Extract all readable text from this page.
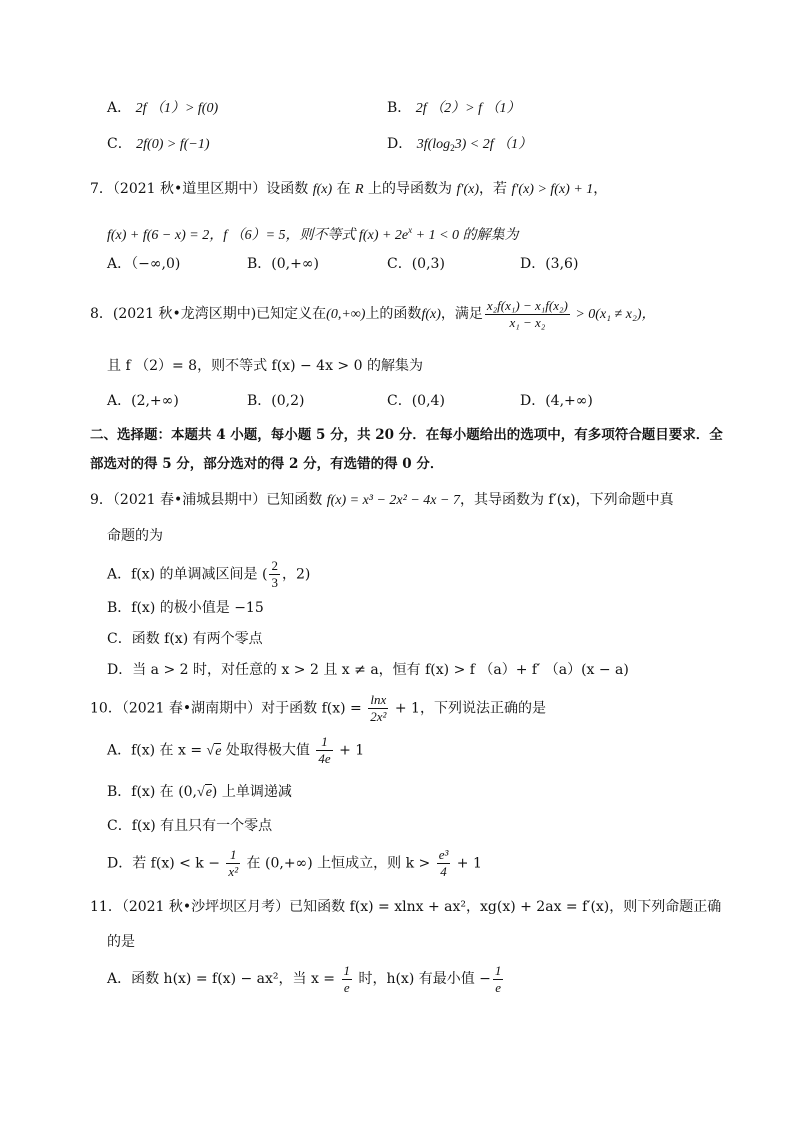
A． 2f （1）> f(0)	B． 2f （2）> f （1）
C． 2f(0) > f(−1)	D． $3f(\log_23) < 2f$ （1）
7．（2021 秋•道里区期中）设函数 f(x) 在 R 上的导函数为 f′(x)，若 f′(x) > f(x) + 1，
f(x) + f(6 − x) = 2，f （6）= 5，则不等式 $f(x) + 2e^x + 1 < 0$ 的解集为
A．（−∞,0)	B．(0,+∞)	C．(0,3)	D．(3,6)
8．(2021 秋•龙湾区期中)已知定义在(0,+∞)上的函数f(x)，满足 $\frac{\text{x₂f(x₁) − x₁f(x₂)}}{\text{x₁ − x₂}} > 0(x_1 \ne x_2)$，
且 f （2）= 8，则不等式 f(x) − 4x > 0 的解集为
A．(2,+∞)	B．(0,2)	C．(0,4)	D．(4,+∞)
二、选择题：本题共 4 小题，每小题 5 分，共 20 分．在每小题给出的选项中，有多项符合题目要求．全
部选对的得 5 分，部分选对的得 2 分，有选错的得 0 分．
9．（2021 春•浦城县期中）已知函数 f(x) = x³ − 2x² − 4x − 7，其导函数为 f′(x)，下列命题中真
命题的为
A．f(x) 的单调减区间是 ( $\frac{2}{3}$ ，2)
B．f(x) 的极小值是 −15
C．函数 f(x) 有两个零点
D．当 a > 2 时，对任意的 x > 2 且 x ≠ a，恒有 f(x) > f （a）+ f′ （a）(x − a)
10．（2021 春•湖南期中）对于函数 $f(x) = \frac{\ln x}{\text{2x²}} + 1$，下列说法正确的是
A．f(x) 在 x = √e 处取得极大值 $\frac{1}{4e} + 1$
B．f(x) 在 (0,√e) 上单调递减
C．f(x) 有且只有一个零点
D．若 $f(x) < k - \frac{1}{\text{x²}}$ 在 (0,+∞) 上恒成立，则 $k > \frac{\text{e³}}{4} + 1$
11．（2021 秋•沙坪坝区月考）已知函数 f(x) = xlnx + ax²，xg(x) + 2ax = f′(x)，则下列命题正确
的是
A．函数 h(x) = f(x) − ax²，当 $x = \frac{1}{e}$ 时，h(x) 有最小值 − $\frac{1}{e}$
